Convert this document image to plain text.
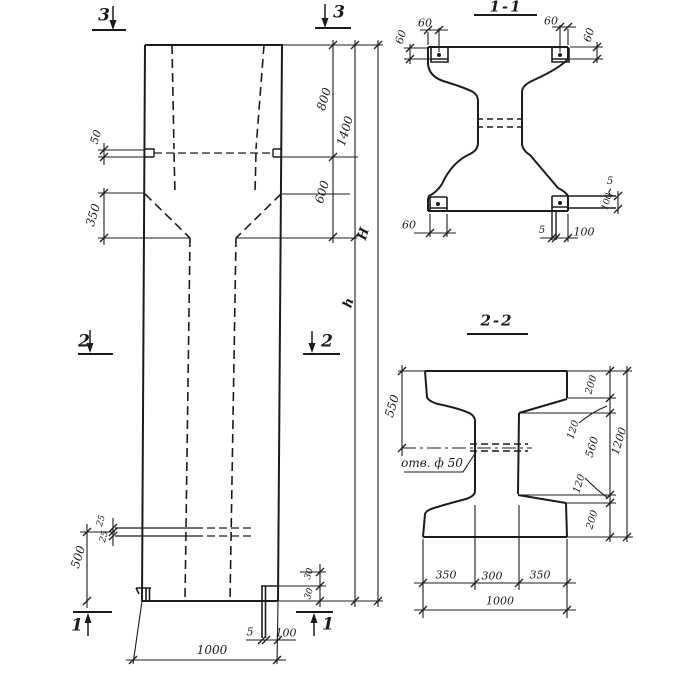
3	3
2	2
1	1
50
350
800
1400
600
Н
h
25
25
500
30
30
5 100
1000
1-1
60
60
60
60
60	5	100
5
100
2-2
550
отв. ф 50
200
120
560
120
200
1200
350 300 350
1000
